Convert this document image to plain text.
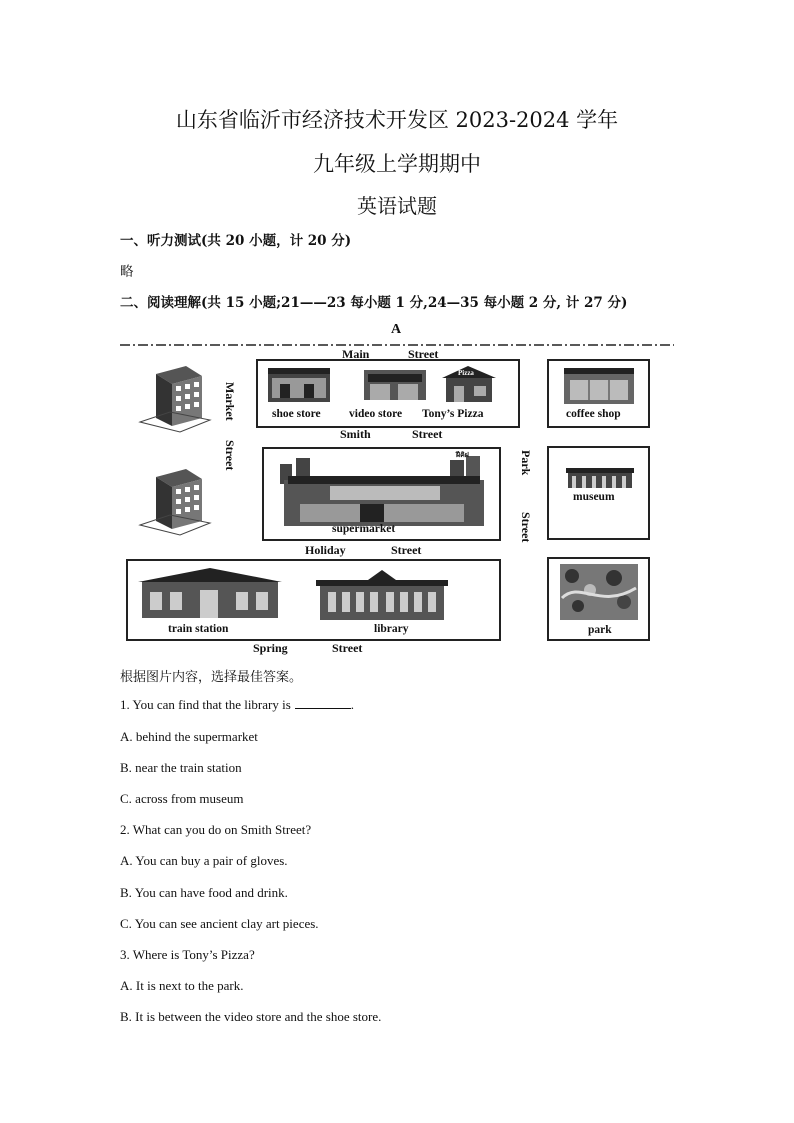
山东省临沂市经济技术开发区 2023-2024 学年
九年级上学期期中
英语试题
一、听力测试(共 20 小题，计 20 分)
略
二、阅读理解(共 15 小题;21——23 每小题 1 分,24—35 每小题 2 分, 计 27 分)
A
Main	Street
Smith	Street
Holiday	Street
Spring	Street
Market
Street	Park
Street
shoe store video store Tony’s Pizza
Pizza
coffee shop
museum
ฝีคิฝ
supermarket
train station	library	park
根据图片内容，选择最佳答案。
1. You can find that the library is	.
A. behind the supermarket
B. near the train station
C. across from museum
2. What can you do on Smith Street?
A. You can buy a pair of gloves.
B. You can have food and drink.
C. You can see ancient clay art pieces.
3. Where is Tony’s Pizza?
A. It is next to the park.
B. It is between the video store and the shoe store.
